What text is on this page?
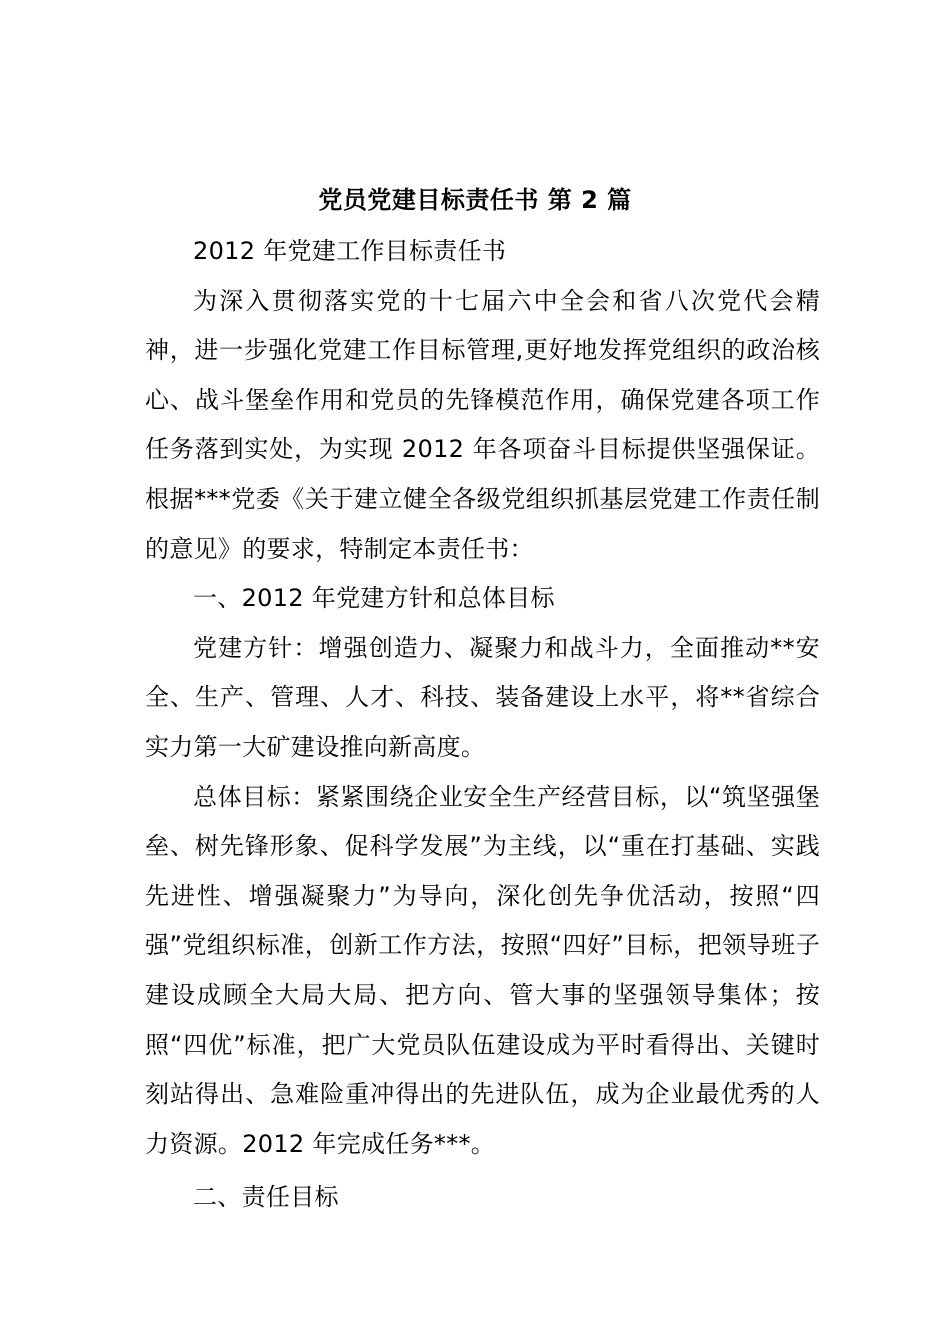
党员党建目标责任书 第 2 篇

2012 年党建工作目标责任书

为深入贯彻落实党的十七届六中全会和省八次党代会精神，进一步强化党建工作目标管理,更好地发挥党组织的政治核心、战斗堡垒作用和党员的先锋模范作用，确保党建各项工作任务落到实处，为实现 2012 年各项奋斗目标提供坚强保证。根据***党委《关于建立健全各级党组织抓基层党建工作责任制的意见》的要求，特制定本责任书：

一、2012 年党建方针和总体目标

党建方针：增强创造力、凝聚力和战斗力，全面推动**安全、生产、管理、人才、科技、装备建设上水平，将**省综合实力第一大矿建设推向新高度。

总体目标：紧紧围绕企业安全生产经营目标，以“筑坚强堡垒、树先锋形象、促科学发展”为主线，以“重在打基础、实践先进性、增强凝聚力”为导向，深化创先争优活动，按照“四强”党组织标准，创新工作方法，按照“四好”目标，把领导班子建设成顾全大局大局、把方向、管大事的坚强领导集体；按照“四优”标准，把广大党员队伍建设成为平时看得出、关键时刻站得出、急难险重冲得出的先进队伍，成为企业最优秀的人力资源。2012 年完成任务***。

二、责任目标
